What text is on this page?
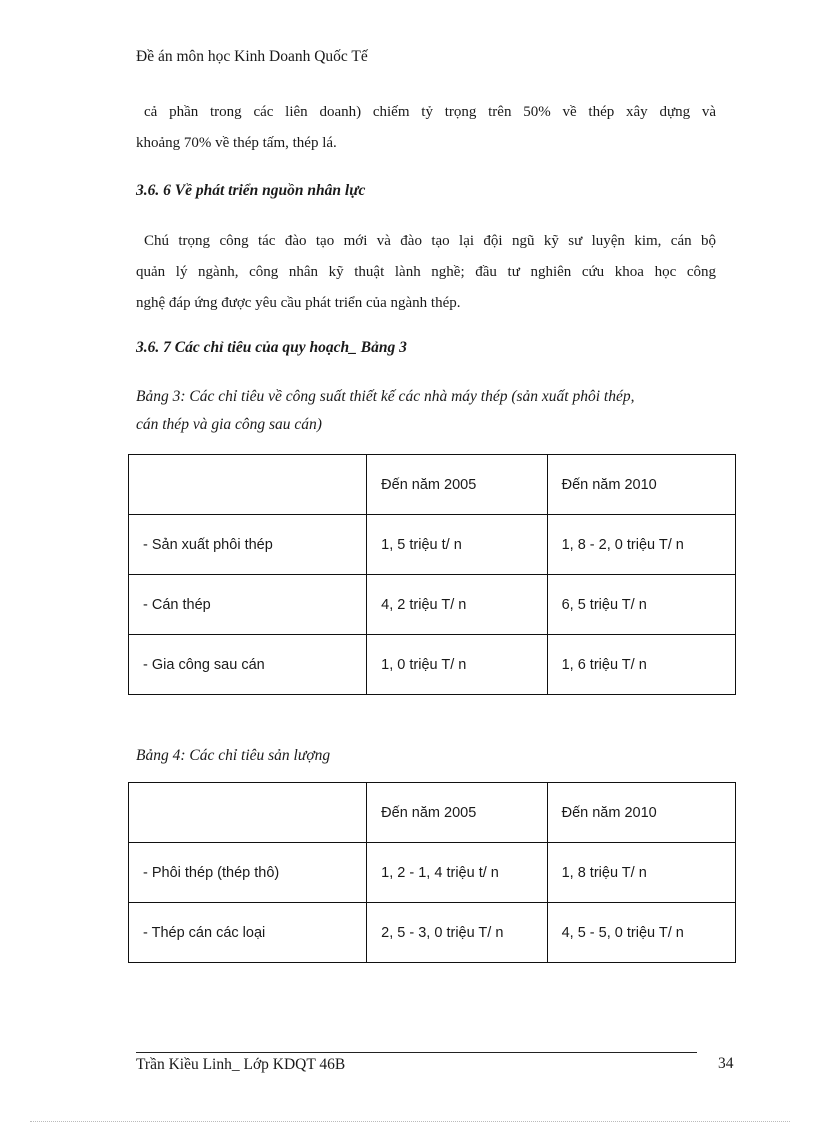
Đề án môn học Kinh Doanh Quốc Tế
cả phần trong các liên doanh) chiếm tỷ trọng trên 50% về thép xây dựng và
khoảng 70% về thép tấm, thép lá.
3.6. 6 Về phát triển nguồn nhân lực
Chú trọng công tác đào tạo mới và đào tạo lại đội ngũ kỹ sư luyện kim, cán bộ
quản lý ngành, công nhân kỹ thuật lành nghề; đầu tư nghiên cứu khoa học công
nghệ đáp ứng được yêu cầu phát triển của ngành thép.
3.6. 7 Các chỉ tiêu của quy hoạch_ Bảng 3
Bảng 3: Các chỉ tiêu về công suất thiết kế các nhà máy thép (sản xuất phôi thép,
cán thép và gia công sau cán)
	Đến năm 2005	Đến năm 2010
- Sản xuất phôi thép	1, 5 triệu t/ n	1, 8 - 2, 0 triệu T/ n
- Cán thép	4, 2 triệu T/ n	6, 5 triệu T/ n
- Gia công sau cán	1, 0 triệu T/ n	1, 6 triệu T/ n
Bảng 4: Các chỉ tiêu sản lượng
	Đến năm 2005	Đến năm 2010
- Phôi thép (thép thô)	1, 2 - 1, 4 triệu t/ n	1, 8 triệu T/ n
- Thép cán các loại	2, 5 - 3, 0 triệu T/ n	4, 5 - 5, 0 triệu T/ n
Trần Kiều Linh_ Lớp KDQT 46B	34
